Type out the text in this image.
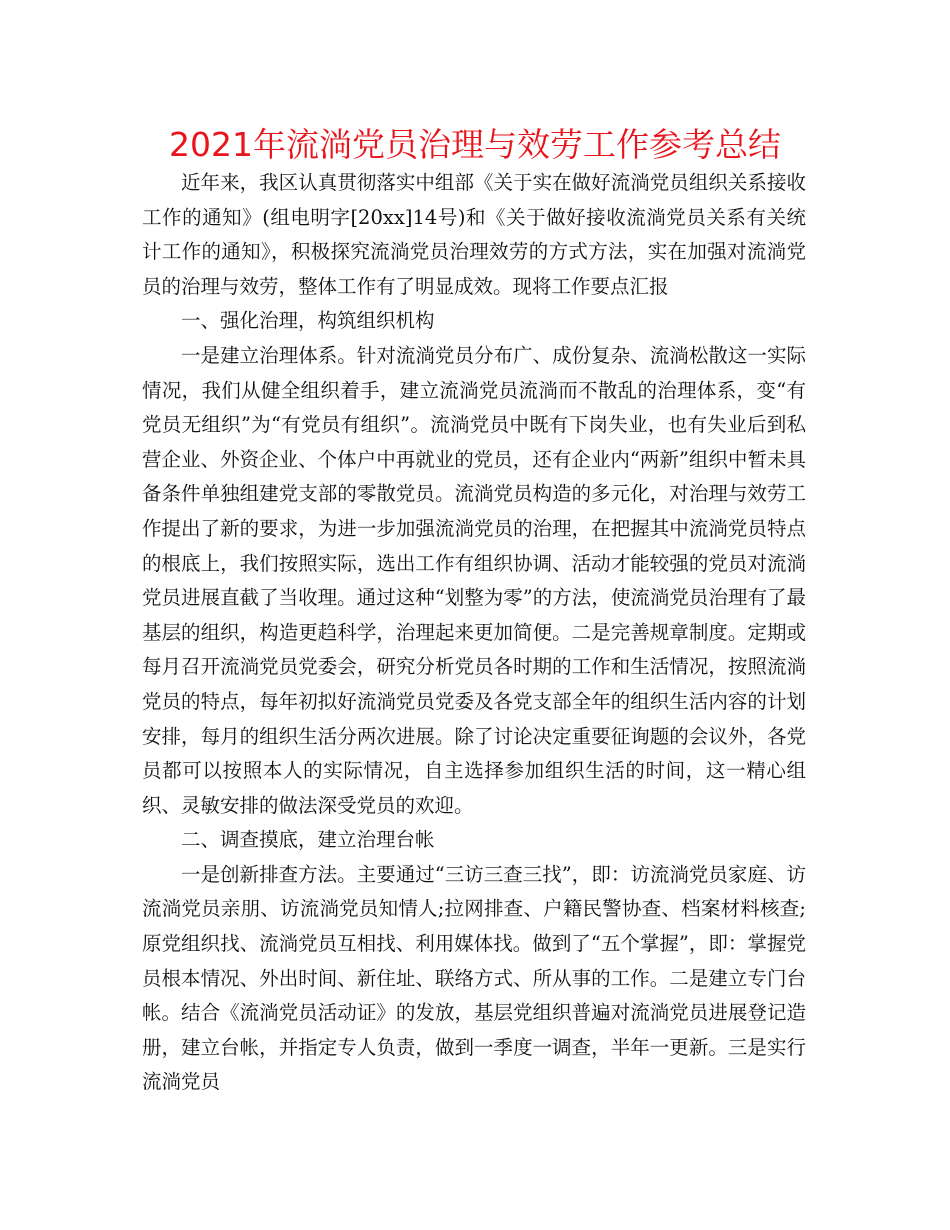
2021年流淌党员治理与效劳工作参考总结

近年来，我区认真贯彻落实中组部《关于实在做好流淌党员组织关系接收工作的通知》(组电明字[20xx]14号)和《关于做好接收流淌党员关系有关统计工作的通知》，积极探究流淌党员治理效劳的方式方法，实在加强对流淌党员的治理与效劳，整体工作有了明显成效。现将工作要点汇报

一、强化治理，构筑组织机构

一是建立治理体系。针对流淌党员分布广、成份复杂、流淌松散这一实际情况，我们从健全组织着手，建立流淌党员流淌而不散乱的治理体系，变“有党员无组织”为“有党员有组织”。流淌党员中既有下岗失业，也有失业后到私营企业、外资企业、个体户中再就业的党员，还有企业内“两新”组织中暂未具备条件单独组建党支部的零散党员。流淌党员构造的多元化，对治理与效劳工作提出了新的要求，为进一步加强流淌党员的治理，在把握其中流淌党员特点的根底上，我们按照实际，选出工作有组织协调、活动才能较强的党员对流淌党员进展直截了当收理。通过这种“划整为零”的方法，使流淌党员治理有了最基层的组织，构造更趋科学，治理起来更加简便。二是完善规章制度。定期或每月召开流淌党员党委会，研究分析党员各时期的工作和生活情况，按照流淌党员的特点，每年初拟好流淌党员党委及各党支部全年的组织生活内容的计划安排，每月的组织生活分两次进展。除了讨论决定重要征询题的会议外，各党员都可以按照本人的实际情况，自主选择参加组织生活的时间，这一精心组织、灵敏安排的做法深受党员的欢迎。

二、调查摸底，建立治理台帐

一是创新排查方法。主要通过“三访三查三找”，即：访流淌党员家庭、访流淌党员亲朋、访流淌党员知情人;拉网排查、户籍民警协查、档案材料核查;原党组织找、流淌党员互相找、利用媒体找。做到了“五个掌握”，即：掌握党员根本情况、外出时间、新住址、联络方式、所从事的工作。二是建立专门台帐。结合《流淌党员活动证》的发放，基层党组织普遍对流淌党员进展登记造册，建立台帐，并指定专人负责，做到一季度一调查，半年一更新。三是实行流淌党员
